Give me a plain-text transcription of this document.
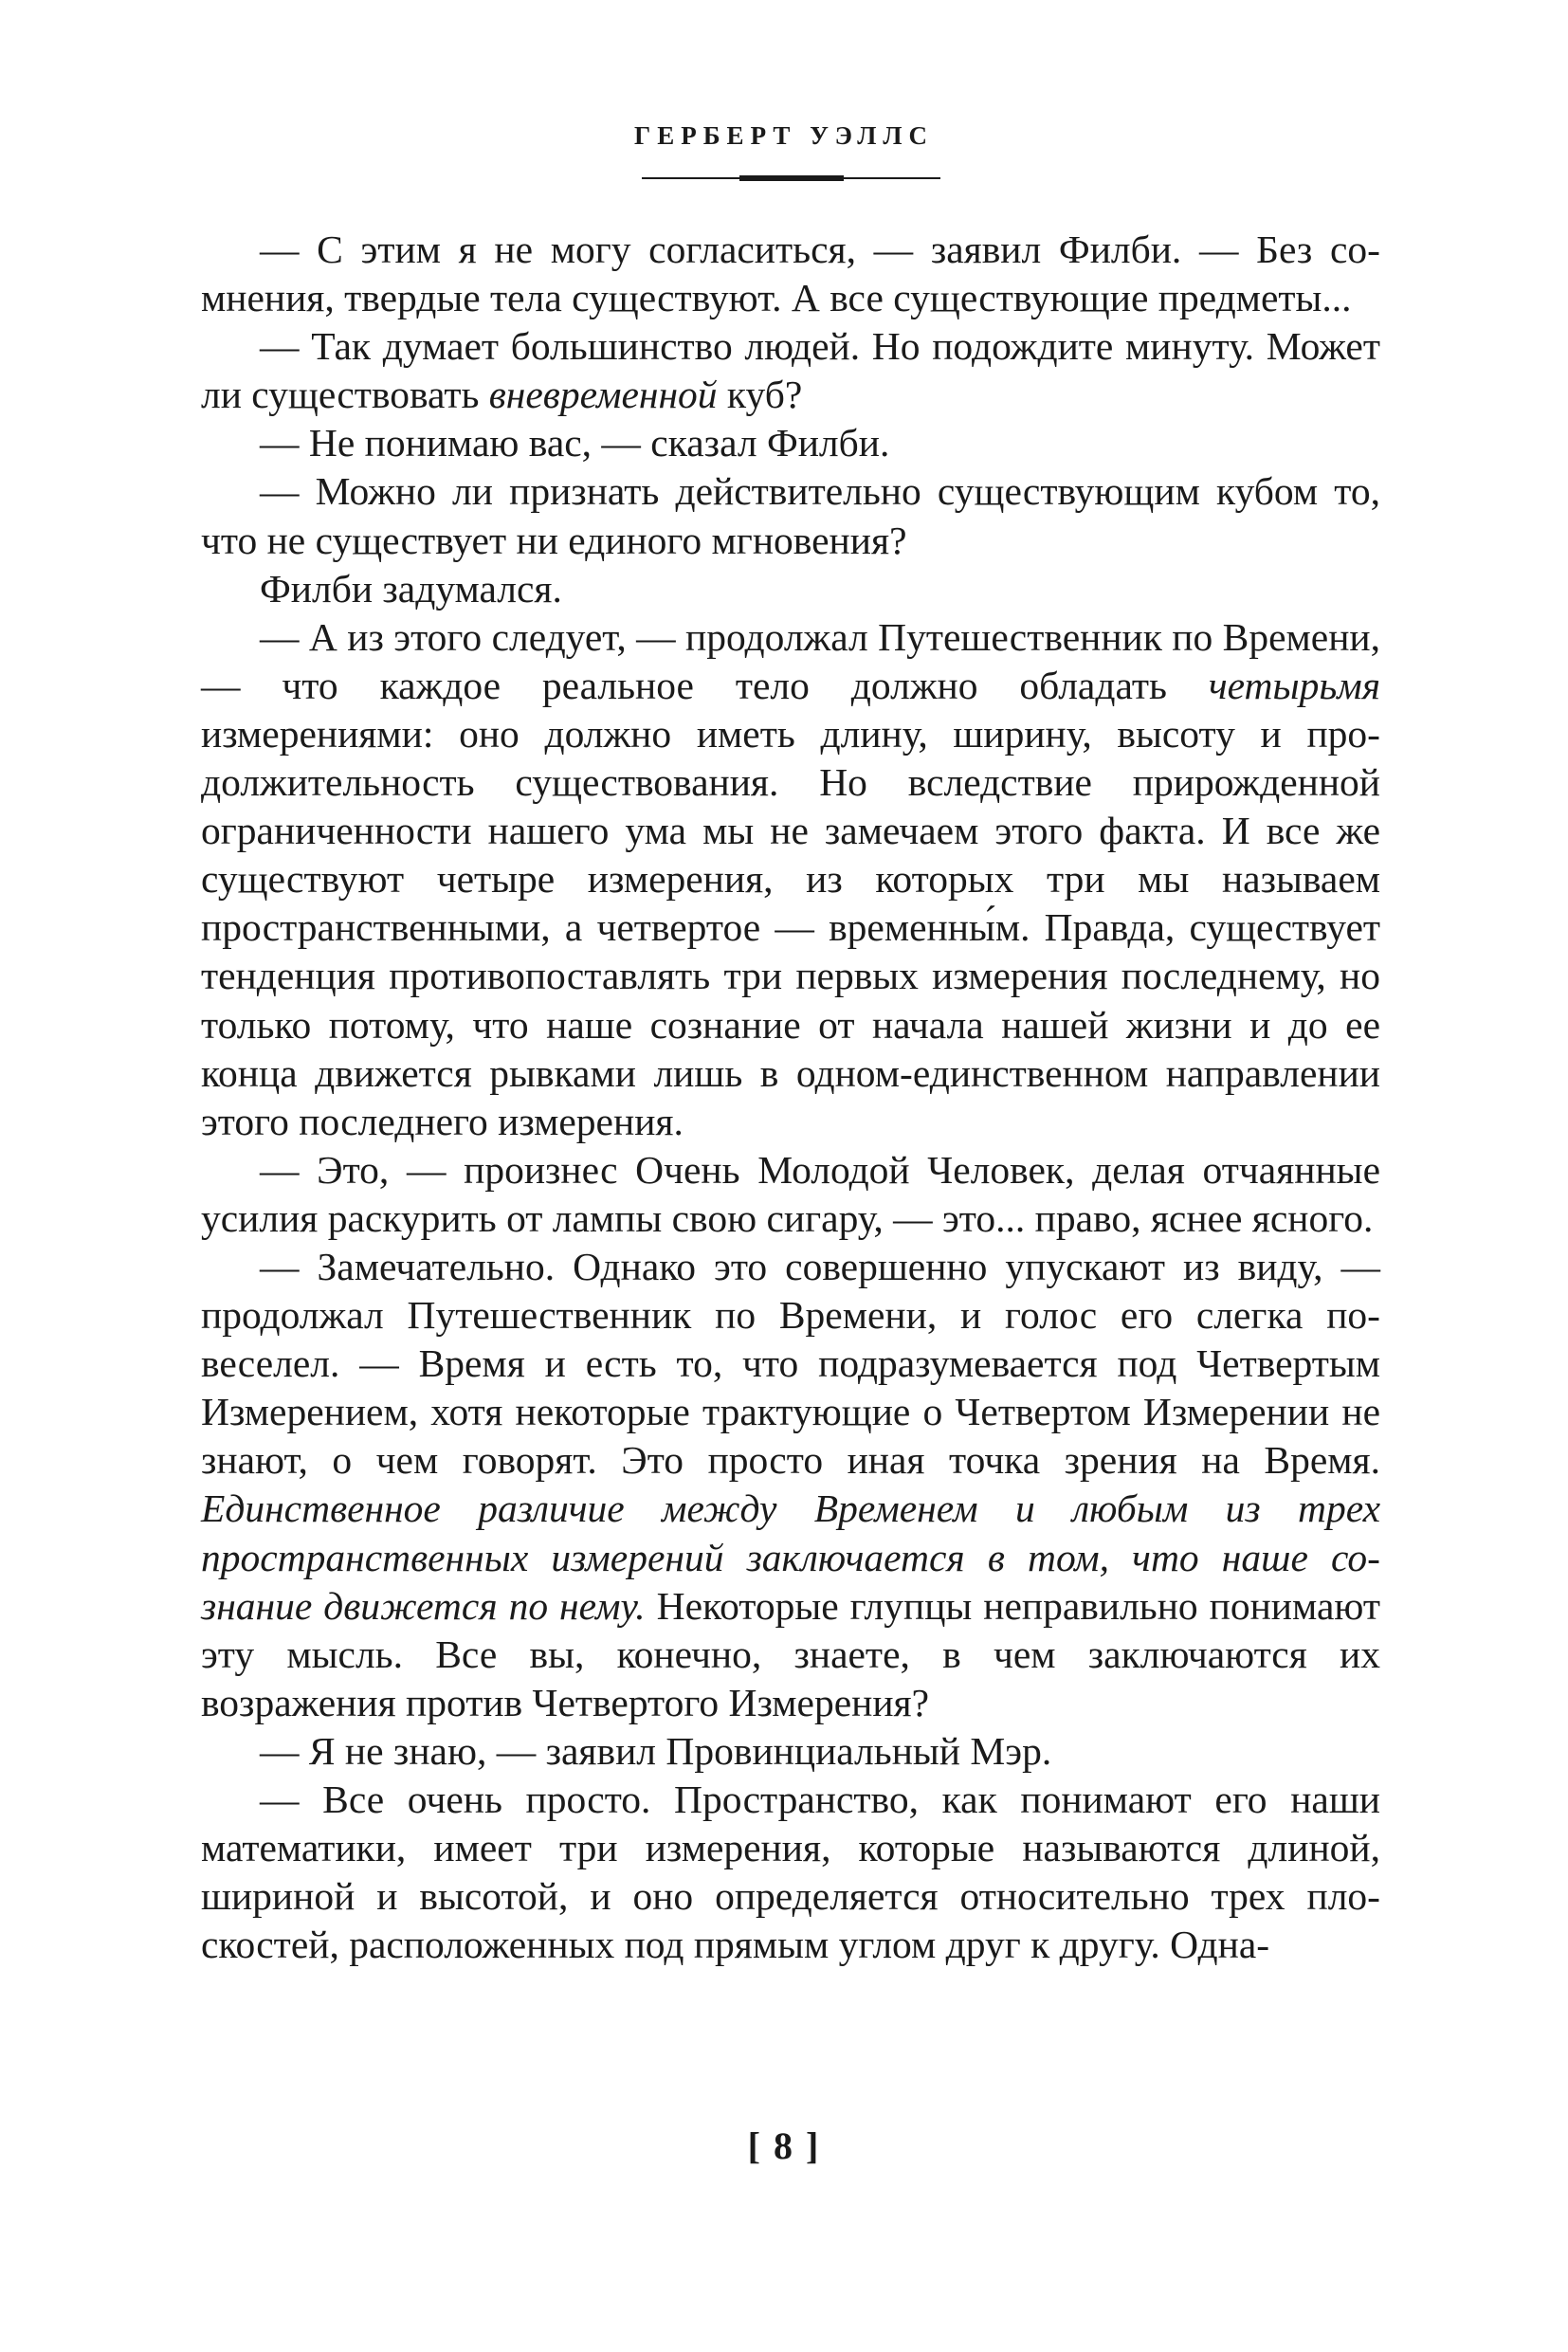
ГЕРБЕРТ УЭЛЛС

— С этим я не могу согласиться, — заявил Филби. — Без сомнения, твердые тела существуют. А все существующие предметы...

— Так думает большинство людей. Но подождите минуту. Может ли существовать вневременной куб?

— Не понимаю вас, — сказал Филби.

— Можно ли признать действительно существующим кубом то, что не существует ни единого мгновения?

Филби задумался.

— А из этого следует, — продолжал Путешественник по Времени, — что каждое реальное тело должно обладать четырьмя измерениями: оно должно иметь длину, ширину, высоту и продолжительность существования. Но вследствие прирожденной ограниченности нашего ума мы не замечаем этого факта. И все же существуют четыре измерения, из которых три мы называем пространственными, а четвертое — временны́м. Правда, существует тенденция противопоставлять три первых измерения последнему, но только потому, что наше сознание от начала нашей жизни и до ее конца движется рывками лишь в одном-единственном направлении этого последнего измерения.

— Это, — произнес Очень Молодой Человек, делая отчаянные усилия раскурить от лампы свою сигару, — это... право, яснее ясного.

— Замечательно. Однако это совершенно упускают из виду, — продолжал Путешественник по Времени, и голос его слегка повеселел. — Время и есть то, что подразумевается под Четвертым Измерением, хотя некоторые трактующие о Четвертом Измерении не знают, о чем говорят. Это просто иная точка зрения на Время. Единственное различие между Временем и любым из трех пространственных измерений заключается в том, что наше сознание движется по нему. Некоторые глупцы неправильно понимают эту мысль. Все вы, конечно, знаете, в чем заключаются их возражения против Четвертого Измерения?

— Я не знаю, — заявил Провинциальный Мэр.

— Все очень просто. Пространство, как понимают его наши математики, имеет три измерения, которые называются длиной, шириной и высотой, и оно определяется относительно трех плоскостей, расположенных под прямым углом друг к другу. Одна-

[ 8 ]
